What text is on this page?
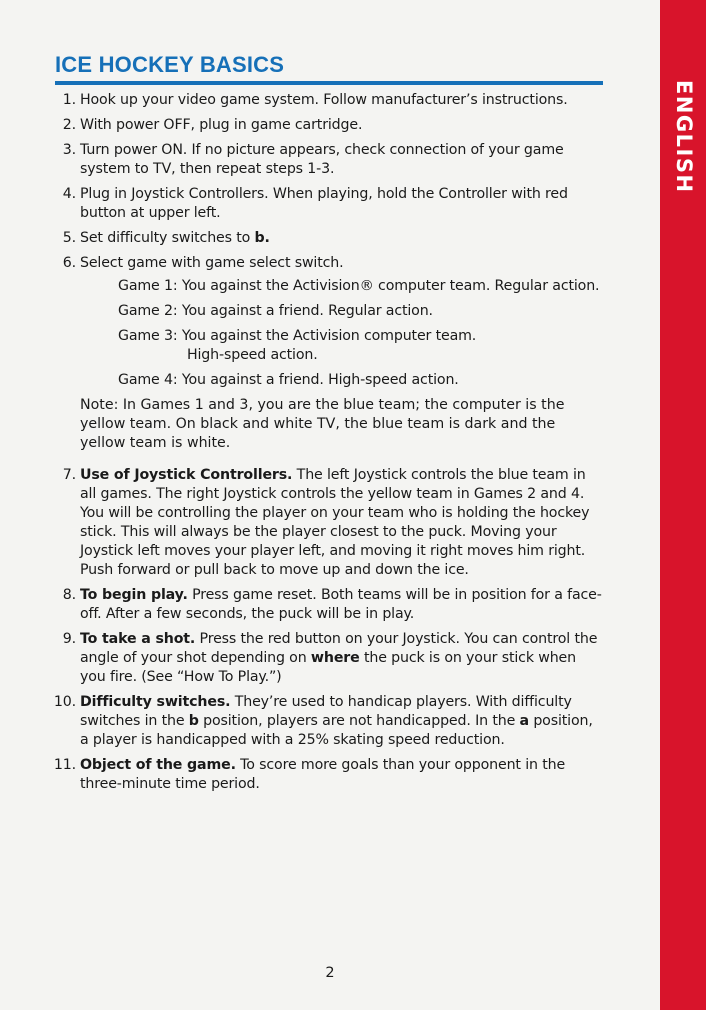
ENGLISH
ICE HOCKEY BASICS
1. Hook up your video game system. Follow manufacturer’s instructions.
2. With power OFF, plug in game cartridge.
3. Turn power ON. If no picture appears, check connection of your game system to TV, then repeat steps 1-3.
4. Plug in Joystick Controllers. When playing, hold the Controller with red button at upper left.
5. Set difficulty switches to b.
6. Select game with game select switch.
Game 1: You against the Activision® computer team. Regular action.
Game 2: You against a friend. Regular action.
Game 3: You against the Activision computer team.
High-speed action.
Game 4: You against a friend. High-speed action.

Note: In Games 1 and 3, you are the blue team; the computer is the yellow team. On black and white TV, the blue team is dark and the yellow team is white.

7. Use of Joystick Controllers. The left Joystick controls the blue team in all games. The right Joystick controls the yellow team in Games 2 and 4. You will be controlling the player on your team who is holding the hockey stick. This will always be the player closest to the puck. Moving your Joystick left moves your player left, and moving it right moves him right. Push forward or pull back to move up and down the ice.
8. To begin play. Press game reset. Both teams will be in position for a face-off. After a few seconds, the puck will be in play.
9. To take a shot. Press the red button on your Joystick. You can control the angle of your shot depending on where the puck is on your stick when you fire. (See “How To Play.”)
10. Difficulty switches. They’re used to handicap players. With difficulty switches in the b position, players are not handicapped. In the a position, a player is handicapped with a 25% skating speed reduction.
11. Object of the game. To score more goals than your opponent in the three-minute time period.
2
